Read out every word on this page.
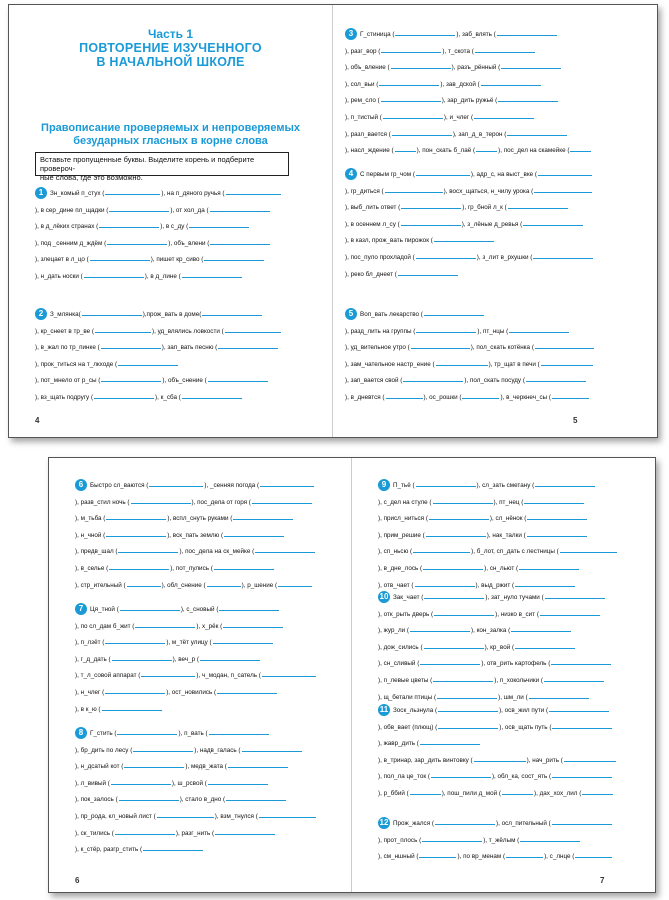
Часть 1
ПОВТОРЕНИЕ ИЗУЧЕННОГО
В НАЧАЛЬНОЙ ШКОЛЕ
Правописание проверяемых и непроверяемых
безударных гласных в корне слова
Вставьте пропущенные буквы. Выделите корень и подберите провероч-
ные слова, где это возможно.
1 Зн_комый п_стух (	), на п_дяного ручья (
), в сер_дине пл_щадки (	), от хол_да (
), в д_лёких странах (	), в с_ду (
), под _сенним д_ждём (	), объ_влени (
), злецает в л_цо (	), пишет кр_сиво (
), н_дать носки (	), в д_лине (
2 З_млянка(	),прож_вать в доме(
), кр_снеет в тр_ве (	), уд_влялись ловкости (
), в_жал по тр_пинке (	), зап_вать песню (
), прок_титься на т_лкходе (
), пот_мнело от р_сы (	), объ_снение (
), вз_щать подругу (	), к_сба (
4
3 Г_стиница (	), заб_влять (
), разг_вор (	), т_скота (
), объ_вление (	), разъ_рённый (
), сол_вьи (	), зав_дской (
), рем_сло (	), зар_дить ружьё (
), п_тистый (	), и_члег (
), разл_вается (	), зап_д_в_терон (
), насл_ждение (	), пон_скать б_лаё (	), пос_дел на скамейке (
4 С первым гр_чом (	), адр_с, на выст_вке (
), гр_диться (	), восх_щаться, н_чилу урока (
), выб_лить ответ (	), гр_бной л_к (
), в осеннем л_су (	), з_лёные д_ревья (
), в казл, прож_вать пирожок (
), пос_пуло прохладой (	), з_лит в_рхушки (
), реко бл_днеет (
5 Воп_вать лекарство (
), разд_лить на группы (	), пт_нцы (
), уд_вительное утро (	), пол_скать котёнка (
), зам_чательное настр_ение (	), тр_щат в печи (
), зап_вается свой (	), пол_скать посуду (
), в_дневтся (	), ос_рошки (	), в_черкнеч_сы (
5
6 Быстро сл_ваются (	), _сенняя погода (
), разв_стил ночь (	), пос_дела от горя (
), м_тьба (	), вспл_снуть руками (
), н_чной (	), вск_пать землю (
), предв_шал (	), пос_дела на ск_мейке (
), в_селье (	), пот_пулись (
), стр_ительный (	), обл_снение (	), р_шение (
7 Ця_тной (	), с_сновый (
), по сл_дам б_жит (	), х_рёк (
), п_лзёт (	), м_тёт улицу (
), г_д_дать (	), веч_р (
), т_л_совой аппарат (	), ч_модан, п_сатель (
), н_члег (	), ост_новились (
), в к_ю (
8 Г_стить (	), п_вать (
), бр_дить по лесу (	), надв_галась (
), н_дсатый кот (	), медв_жата (
), л_вивый (	), ш_рсвой (
), пок_залось (	), стало в_дно (
), пр_рода, кл_новый лист (	), взм_тнулся (
), ск_тились (	), разг_нить (
), к_стёр, разгр_стить (
6
9 П_тьё (	), сл_зать сметану (
), с_дел на стуле (	), пт_нец (
), присл_ниться (	), сл_нёнок (
), прим_решие (	), нак_талки (
), сп_ньсю (	), б_лот, сп_дать с лестницы (
), в_дне_лось (	), сн_льют (
), отв_чает (	), выд_ржит (
10 Зак_чает (	), зат_нуло тучами (
), отк_рыть дверь (	), низко в_сит (
), жур_ли (	), кон_залка (
), дож_сились (	), кр_вой (
), сн_сливый (	), отв_рить картофель (
), п_левые цветы (	), п_хокольчики (
), щ_бетали птицы (	), шм_ли (
11 Зоск_льзнула (	), осв_жил пути (
), обв_вает (плющ) (	), осв_щать путь (
), жавр_дить (
), в_тринар, зар_дить винтовку (	), нач_рить (
), пол_ла це_ток (	), обл_ка, сост_ять (
), р_ббий (	), пош_пили д_мой (	), дах_хох_лил (
12 Прож_жался (	), осл_пительный (
), прот_плось (	), т_жёлым (
), см_ншный (	), по вр_менам (	), с_лнце (
7
